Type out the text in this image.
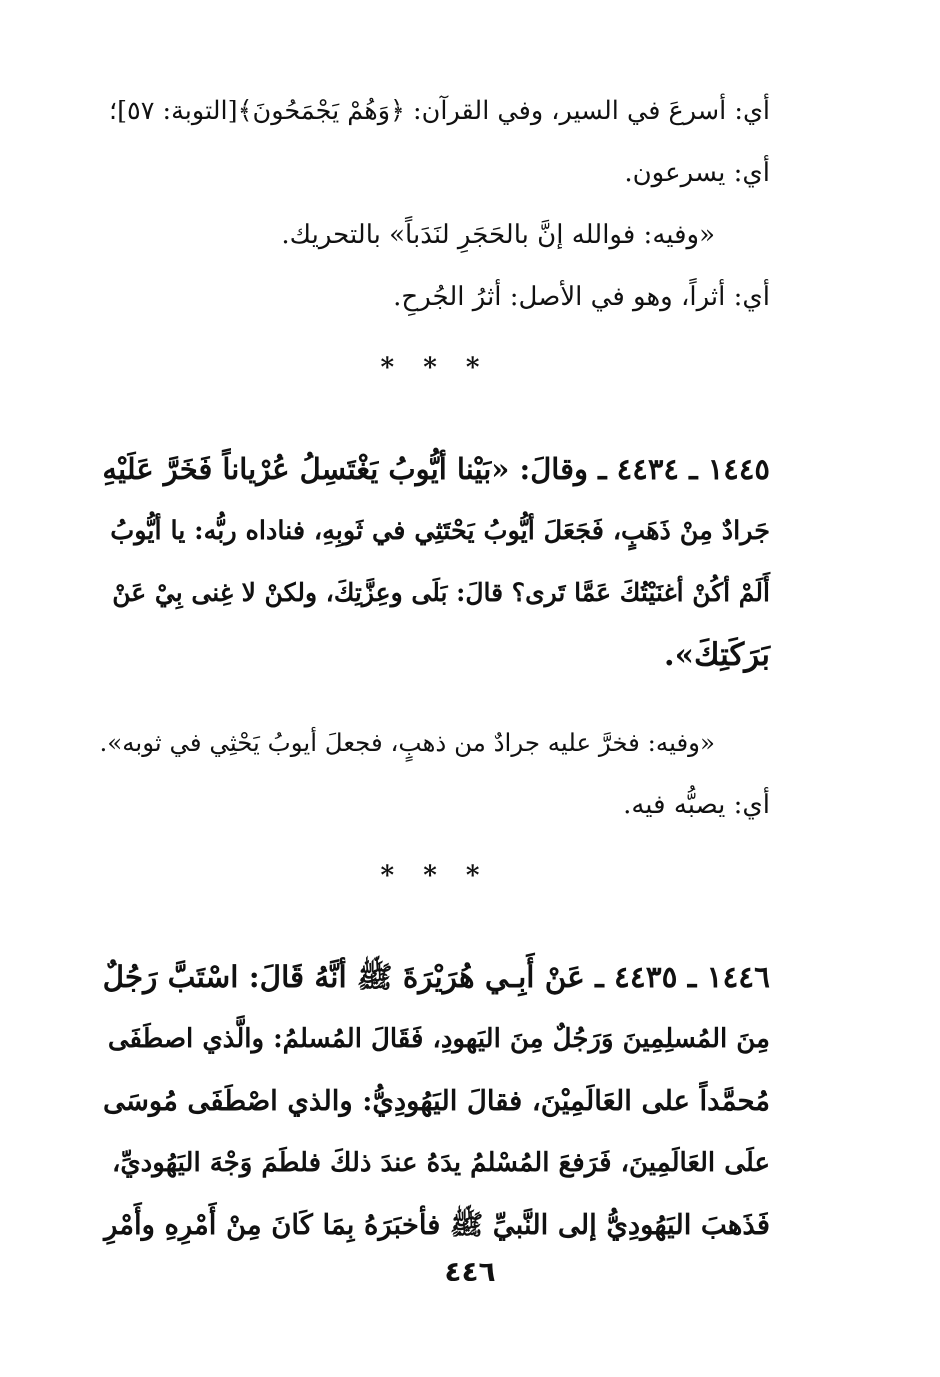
أي: أسرعَ في السير، وفي القرآن: ﴿وَهُمْ يَجْمَحُونَ﴾[التوبة: ٥٧]؛
أي: يسرعون.
«وفيه: فوالله إنَّ بالحَجَرِ لنَدَباً» بالتحريك.
أي: أثراً، وهو في الأصل: أثرُ الجُرحِ.
* * *
١٤٤٥ ـ ٤٤٣٤ ـ وقالَ: «بَيْنا أيُّوبُ يَغْتَسِلُ عُرْياناً فَخَرَّ عَلَيْهِ
جَرادٌ مِنْ ذَهَبٍ، فَجَعَلَ أيُّوبُ يَحْتَثِي في ثَوبِهِ، فناداه ربُّه: يا أيُّوبُ
أَلَمْ أكُنْ أغنَيْتُكَ عَمَّا تَرى؟ قالَ: بَلَى وعِزَّتِكَ، ولكنْ لا غِنى بِيْ عَنْ
بَرَكَتِكَ».
«وفيه: فخرَّ عليه جرادٌ من ذهبٍ، فجعلَ أيوبُ يَحْثِي في ثوبه».
أي: يصبُّه فيه.
* * *
١٤٤٦ ـ ٤٤٣٥ ـ عَنْ أَبِـي هُرَيْرَةَ ﷺ أنَّهُ قَالَ: اسْتَبَّ رَجُلٌ
مِنَ المُسلِمِينَ وَرَجُلٌ مِنَ اليَهودِ، فَقَالَ المُسلمُ: والَّذي اصطَفَى
مُحمَّداً على العَالَمِيْنَ، فقالَ اليَهُودِيُّ: والذي اصْطَفَى مُوسَى
علَى العَالَمِينَ، فَرَفعَ المُسْلمُ يدَهُ عندَ ذلكَ فلطَمَ وَجْهَ اليَهُوديِّ،
فَذَهبَ اليَهُودِيُّ إلى النَّبيِّ ﷺ فأخبَرَهُ بِمَا كَانَ مِنْ أَمْرِهِ وأَمْرِ
٤٤٦
